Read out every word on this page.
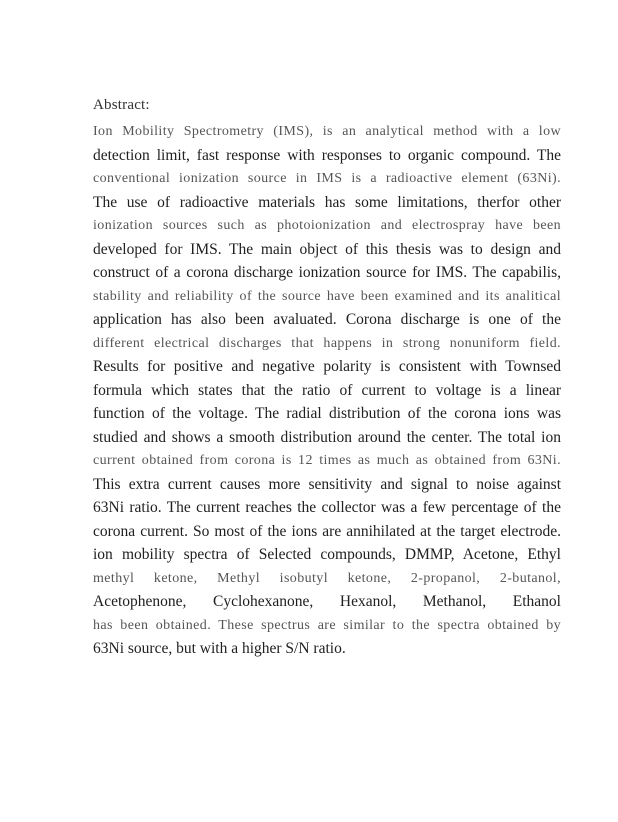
Abstract:
Ion Mobility Spectrometry (IMS), is an analytical method with a low
detection limit, fast response with responses to organic compound. The
conventional ionization source in IMS is a radioactive element (63Ni).
The use of radioactive materials has some limitations, therfor other
ionization sources such as photoionization and electrospray have been
developed for IMS. The main object of this thesis was to design and
construct of a corona discharge ionization source for IMS. The capabilis,
stability and reliability of the source have been examined and its analitical
application has also been avaluated. Corona discharge is one of the
different electrical discharges that happens in strong nonuniform field.
Results for positive and negative polarity is consistent with Townsed
formula which states that the ratio of current to voltage is a linear
function of the voltage. The radial distribution of the corona ions was
studied and shows a smooth distribution around the center. The total ion
current obtained from corona is 12 times as much as obtained from 63Ni.
This extra current causes more sensitivity and signal to noise against
63Ni ratio. The current reaches the collector was a few percentage of the
corona current. So most of the ions are annihilated at the target electrode.
ion mobility spectra of Selected compounds, DMMP, Acetone, Ethyl
methyl ketone, Methyl isobutyl ketone, 2-propanol, 2-butanol,
Acetophenone, Cyclohexanone, Hexanol, Methanol, Ethanol
has been obtained. These spectrus are similar to the spectra obtained by
63Ni source, but with a higher S/N ratio.
